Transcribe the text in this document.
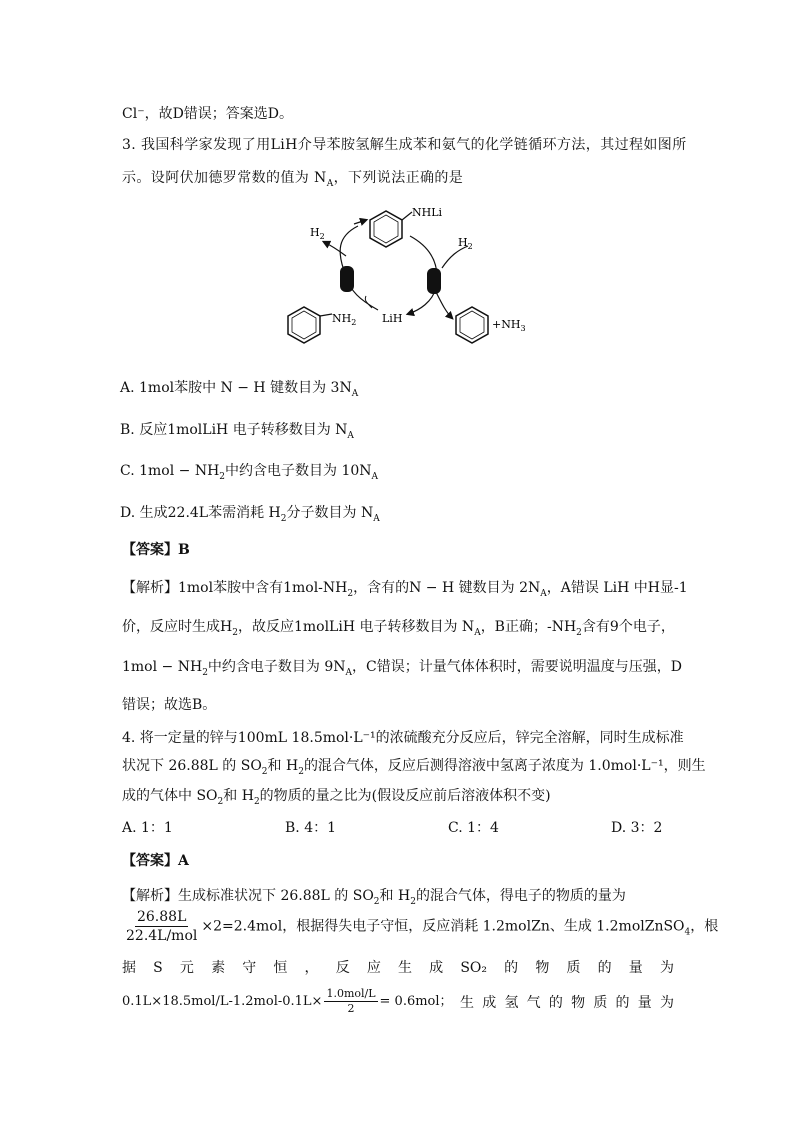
Cl⁻，故D错误；答案选D。
3. 我国科学家发现了用LiH介导苯胺氢解生成苯和氨气的化学链循环方法，其过程如图所
示。设阿伏加德罗常数的值为 $N_A$，下列说法正确的是
$NH_2$
NHLi
$+NH_3$
$H_2$	$H_2$
LiH
A. 1mol苯胺中 N − H 键数目为 $3N_A$
B. 反应1molLiH 电子转移数目为 $N_A$
C. $1mol - NH_2$中约含电子数目为 $10N_A$
D. 生成22.4L苯需消耗 $H_2$分子数目为 $N_A$
【答案】B
【解析】1mol苯胺中含有$1mol-NH_2$，含有的N − H 键数目为 $2N_A$，A错误 LiH 中H显-1
价，反应时生成$H_2$，故反应1molLiH 电子转移数目为 $N_A$，B正确；$-NH_2$含有9个电子，
$1mol - NH_2$中约含电子数目为 $9N_A$，C错误；计量气体体积时，需要说明温度与压强，D
错误；故选B。
4. 将一定量的锌与100mL 18.5mol·L⁻¹的浓硫酸充分反应后，锌完全溶解，同时生成标准
状况下 26.88L 的 $SO_2$和 $H_2$的混合气体，反应后测得溶液中氢离子浓度为 1.0mol·L⁻¹，则生
成的气体中 $SO_2$和 $H_2$的物质的量之比为(假设反应前后溶液体积不变)
A. 1：1	B. 4：1	C. 1：4	D. 3：2
【答案】A
【解析】生成标准状况下 26.88L 的 $SO_2$和 $H_2$的混合气体，得电子的物质的量为
$\frac{26.88L}{\text{22.4L/mol}} \times 2=2.4mol$，根据得失电子守恒，反应消耗 1.2molZn、生成 1.2molZnSO$_4$，根
据 S 元 素 守 恒 ， 反 应 生 成 SO₂ 的 物 质 的 量 为
$0.1L\times 18.5mol/L-1.2mol-0.1L\times \frac{\text{1.0mol/L}}{2} = 0.6mol$； 生 成 氢 气 的 物 质 的 量 为
